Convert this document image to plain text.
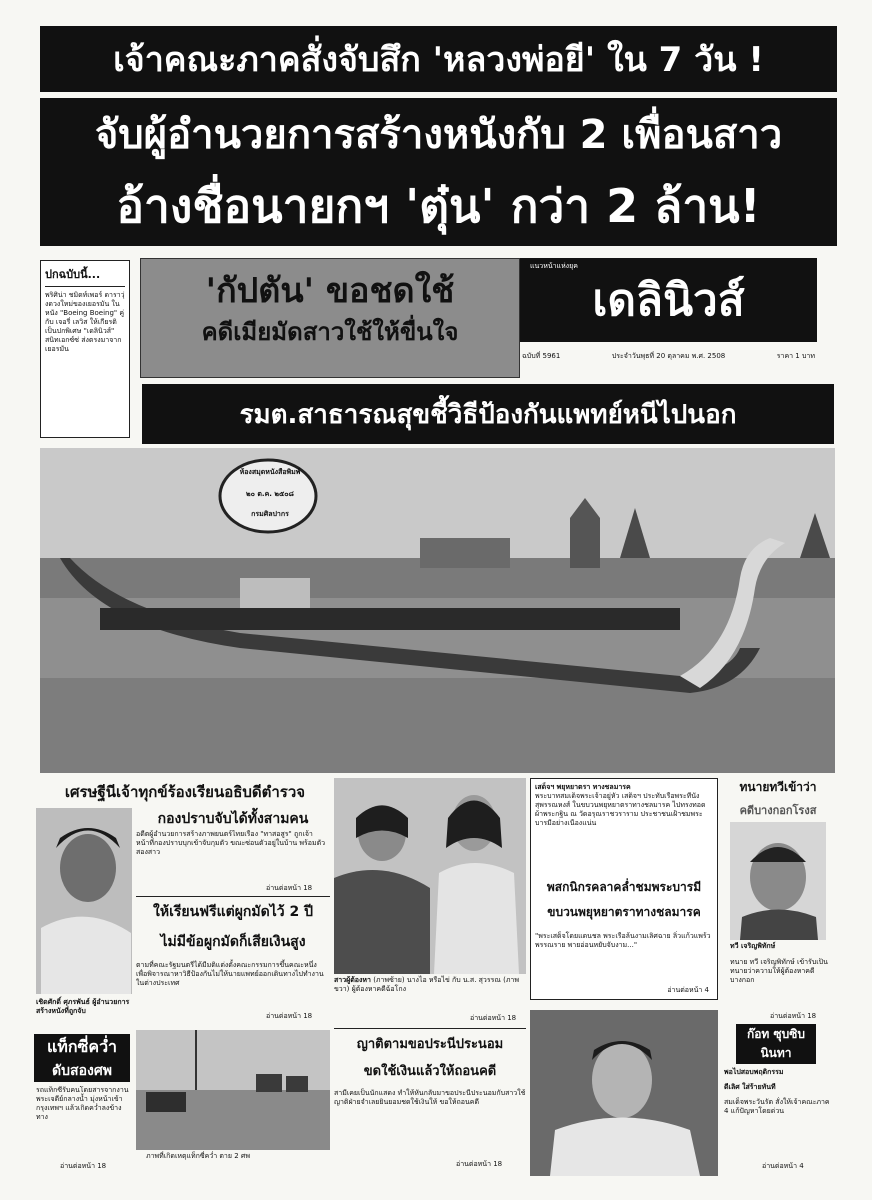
เจ้าคณะภาคสั่งจับสึก 'หลวงพ่อยี' ใน 7 วัน !
จับผู้อำนวยการสร้างหนังกับ 2 เพื่อนสาว
อ้างชื่อนายกฯ 'ตุ๋น' กว่า 2 ล้าน!
ปกฉบับนี้...
พริศิน่า ชมิดท์เพอร์ ดาราวุ่งดวงใหม่ของเยอรมัน ในหนัง "Boeing Boeing" คู่กับ เจอรี่ เลวิส ให้เกียรติเป็นปกพิเศษ "เดลินิวส์" สนิทเอกซ์ซ่ ส่งตรงมาจากเยอรมัน
'กัปตัน' ขอชดใช้
คดีเมียมัดสาวใช้ให้ขื่นใจ
แนวหน้าแห่งยุค
เดลินิวส์
ฉบับที่ 5961	ประจำวันพุธที่ 20 ตุลาคม พ.ศ. 2508	ราคา 1 บาท
รมต.สาธารณสุขชี้วิธีป้องกันแพทย์หนีไปนอก
ห้องสมุดหนังสือพิมพ์
๒๐ ต.ค. ๒๕๐๘
กรมศิลปากร
เศรษฐีนีเจ้าทุกข์ร้องเรียนอธิบดีตำรวจ
เชิดศักดิ์ ศุภรพันธ์ ผู้อำนวยการสร้างหนังที่ถูกจับ
แท็กซี่คว่ำ
ดับสองศพ
รถแท็กซี่รับคนโดยสารจากงานพระเจดีย์กลางน้ำ มุ่งหน้าเข้ากรุงเทพฯ แล้วเกิดคว่ำลงข้างทาง
อ่านต่อหน้า 18
กองปราบจับได้ทั้งสามคน
อดีตผู้อำนวยการสร้างภาพยนตร์ไทยเรื่อง "ทาสอสูร" ถูกเจ้าหน้าที่กองปราบบุกเข้าจับกุมตัว ขณะซ่อนตัวอยู่ในบ้าน พร้อมตัวสองสาว
อ่านต่อหน้า 18
ให้เรียนฟรีแต่ผูกมัดไว้ 2 ปี
ไม่มีข้อผูกมัดก็เสียเงินสูง
ตามที่คณะรัฐมนตรีได้มีมติแต่งตั้งคณะกรรมการขึ้นคณะหนึ่ง เพื่อพิจารณาหาวิธีป้องกันไม่ให้นายแพทย์ออกเดินทางไปทำงานในต่างประเทศ
อ่านต่อหน้า 18
ภาพที่เกิดเหตุแท็กซี่คว่ำ ตาย 2 ศพ
สาวผู้ต้องหา (ภาพซ้าย) นางไอ หรือไข่ กับ น.ส. สุวรรณ (ภาพขวา) ผู้ต้องหาคดีฉ้อโกง
อ่านต่อหน้า 18
ญาติตามขอประนีประนอม
ขดใช้เงินแล้วให้ถอนคดี
สามีเคยเป็นนักแสดง ทำให้หันกลับมาขอประนีประนอมกับสาวใช้ ญาติฝ่ายจำเลยยินยอมชดใช้เงินให้ ขอให้ถอนคดี
อ่านต่อหน้า 18
เสด็จฯ พยุหยาตรา ทางชลมารค
พระบาทสมเด็จพระเจ้าอยู่หัว เสด็จฯ ประทับเรือพระที่นั่งสุพรรณหงส์ ในขบวนพยุหยาตราทางชลมารค ไปทรงทอดผ้าพระกฐิน ณ วัดอรุณราชวราราม ประชาชนเฝ้าชมพระบารมีอย่างเนืองแน่น
พสกนิกรคลาคล่ำชมพระบารมี
ขบวนพยุหยาตราทางชลมารค
"พระเสด็จโดยแดนชล พระเรือล้นงามเลิศฉาย ลิ่วแก้วแพร้วพรรณราย พายอ่อนหยับจับงาม..."
อ่านต่อหน้า 4
ทนายทวีเข้าว่า
คดีบางกอกโรงส
ทวี เจริญพิทักษ์
ทนาย ทวี เจริญพิทักษ์ เข้ารับเป็นทนายว่าความให้ผู้ต้องหาคดีบางกอก
อ่านต่อหน้า 18
ก๊อท ซุบซิบนินทา
พอไปสอบพฤติกรรม
ดีเลิศ ใส่ร้ายทันที
สมเด็จพระวันรัต สั่งให้เจ้าคณะภาค 4 แก้ปัญหาโดยด่วน
อ่านต่อหน้า 4
